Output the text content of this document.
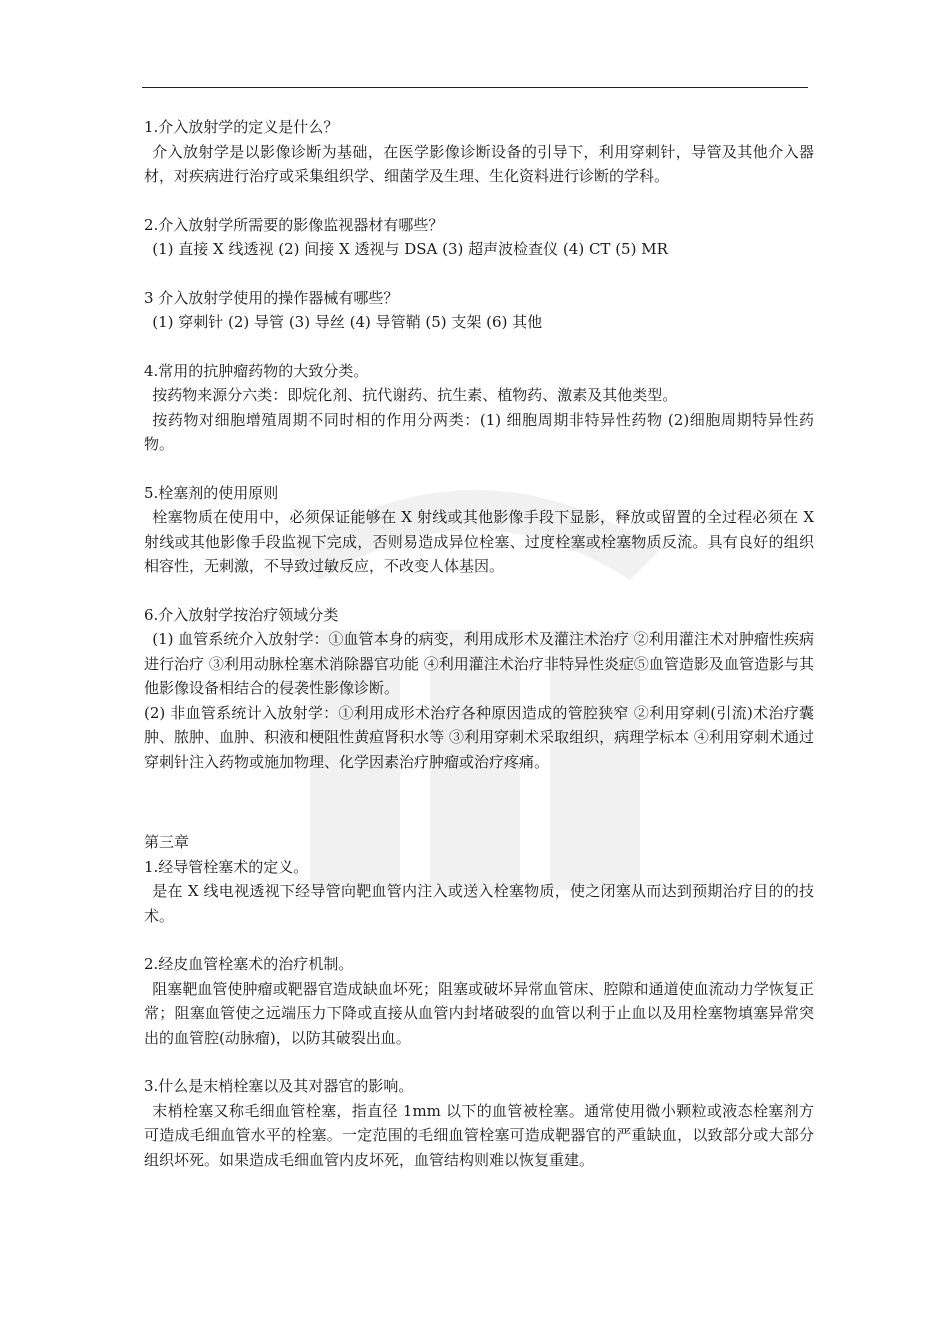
1.介入放射学的定义是什么？

介入放射学是以影像诊断为基础，在医学影像诊断设备的引导下，利用穿刺针，导管及其他介入器材，对疾病进行治疗或采集组织学、细菌学及生理、生化资料进行诊断的学科。

2.介入放射学所需要的影像监视器材有哪些？

(1) 直接 X 线透视 (2) 间接 X 透视与 DSA (3) 超声波检查仪 (4) CT (5) MR

3 介入放射学使用的操作器械有哪些？

(1) 穿刺针 (2) 导管 (3) 导丝 (4) 导管鞘 (5) 支架 (6) 其他

4.常用的抗肿瘤药物的大致分类。

按药物来源分六类：即烷化剂、抗代谢药、抗生素、植物药、激素及其他类型。

按药物对细胞增殖周期不同时相的作用分两类：(1) 细胞周期非特异性药物 (2)细胞周期特异性药物。

5.栓塞剂的使用原则

栓塞物质在使用中，必须保证能够在 X 射线或其他影像手段下显影，释放或留置的全过程必须在 X 射线或其他影像手段监视下完成，否则易造成异位栓塞、过度栓塞或栓塞物质反流。具有良好的组织相容性，无刺激，不导致过敏反应，不改变人体基因。

6.介入放射学按治疗领域分类

(1) 血管系统介入放射学：①血管本身的病变，利用成形术及灌注术治疗 ②利用灌注术对肿瘤性疾病进行治疗 ③利用动脉栓塞术消除器官功能 ④利用灌注术治疗非特异性炎症⑤血管造影及血管造影与其他影像设备相结合的侵袭性影像诊断。

(2) 非血管系统计入放射学：①利用成形术治疗各种原因造成的管腔狭窄 ②利用穿刺(引流)术治疗囊肿、脓肿、血肿、积液和梗阻性黄疸肾积水等 ③利用穿刺术采取组织，病理学标本 ④利用穿刺术通过穿刺针注入药物或施加物理、化学因素治疗肿瘤或治疗疼痛。

第三章

1.经导管栓塞术的定义。

是在 X 线电视透视下经导管向靶血管内注入或送入栓塞物质，使之闭塞从而达到预期治疗目的的技术。

2.经皮血管栓塞术的治疗机制。

阻塞靶血管使肿瘤或靶器官造成缺血坏死；阻塞或破坏异常血管床、腔隙和通道使血流动力学恢复正常；阻塞血管使之远端压力下降或直接从血管内封堵破裂的血管以利于止血以及用栓塞物填塞异常突出的血管腔(动脉瘤)，以防其破裂出血。

3.什么是末梢栓塞以及其对器官的影响。

末梢栓塞又称毛细血管栓塞，指直径 1mm 以下的血管被栓塞。通常使用微小颗粒或液态栓塞剂方可造成毛细血管水平的栓塞。一定范围的毛细血管栓塞可造成靶器官的严重缺血，以致部分或大部分组织坏死。如果造成毛细血管内皮坏死，血管结构则难以恢复重建。
